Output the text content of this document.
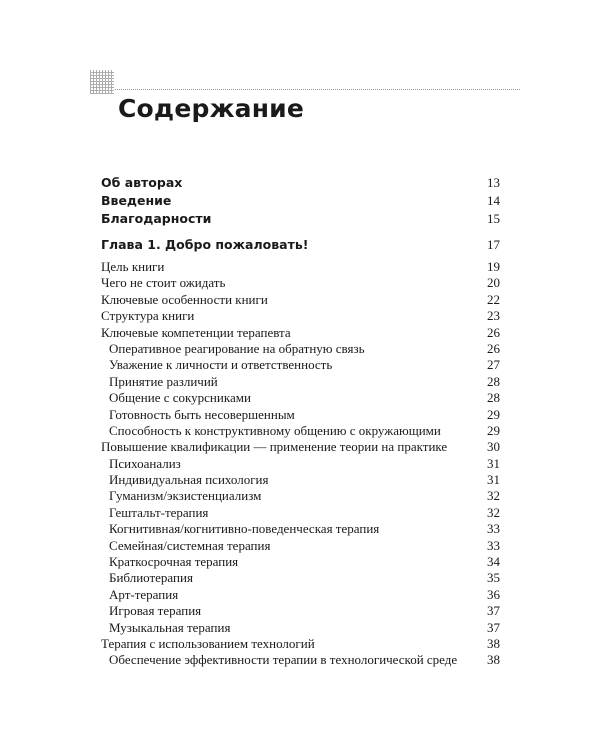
Содержание
Об авторах	13
Введение	14
Благодарности	15
Глава 1. Добро пожаловать!	17
Цель книги	19
Чего не стоит ожидать	20
Ключевые особенности книги	22
Структура книги	23
Ключевые компетенции терапевта	26
Оперативное реагирование на обратную связь	26
Уважение к личности и ответственность	27
Принятие различий	28
Общение с сокурсниками	28
Готовность быть несовершенным	29
Способность к конструктивному общению с окружающими	29
Повышение квалификации — применение теории на практике	30
Психоанализ	31
Индивидуальная психология	31
Гуманизм/экзистенциализм	32
Гештальт-терапия	32
Когнитивная/когнитивно-поведенческая терапия	33
Семейная/системная терапия	33
Краткосрочная терапия	34
Библиотерапия	35
Арт-терапия	36
Игровая терапия	37
Музыкальная терапия	37
Терапия с использованием технологий	38
Обеспечение эффективности терапии в технологической среде	38
